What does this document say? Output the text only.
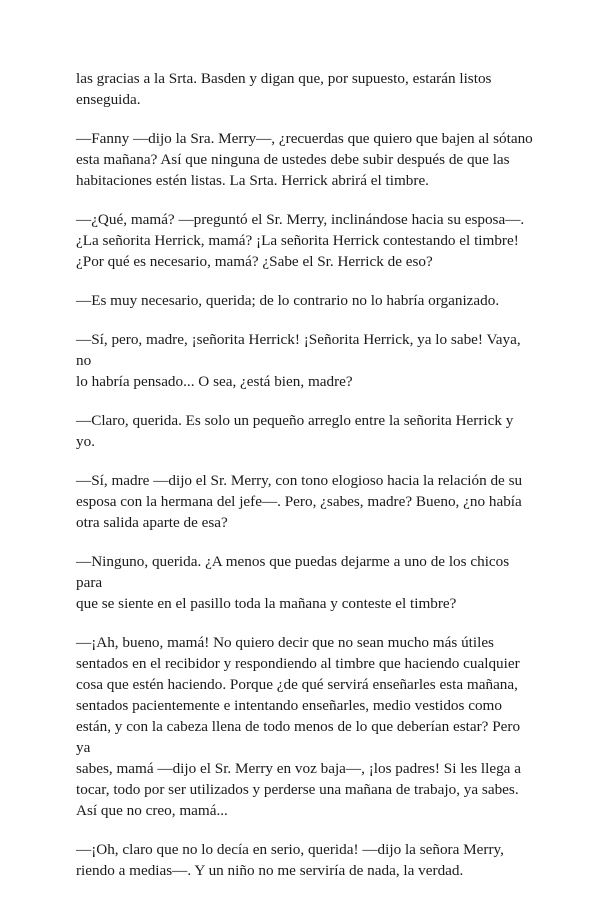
las gracias a la Srta. Basden y digan que, por supuesto, estarán listos
enseguida.

—Fanny —dijo la Sra. Merry—, ¿recuerdas que quiero que bajen al sótano
esta mañana? Así que ninguna de ustedes debe subir después de que las
habitaciones estén listas. La Srta. Herrick abrirá el timbre.

—¿Qué, mamá? —preguntó el Sr. Merry, inclinándose hacia su esposa—.
¿La señorita Herrick, mamá? ¡La señorita Herrick contestando el timbre!
¿Por qué es necesario, mamá? ¿Sabe el Sr. Herrick de eso?

—Es muy necesario, querida; de lo contrario no lo habría organizado.

—Sí, pero, madre, ¡señorita Herrick! ¡Señorita Herrick, ya lo sabe! Vaya, no
lo habría pensado... O sea, ¿está bien, madre?

—Claro, querida. Es solo un pequeño arreglo entre la señorita Herrick y yo.

—Sí, madre —dijo el Sr. Merry, con tono elogioso hacia la relación de su
esposa con la hermana del jefe—. Pero, ¿sabes, madre? Bueno, ¿no había
otra salida aparte de esa?

—Ninguno, querida. ¿A menos que puedas dejarme a uno de los chicos para
que se siente en el pasillo toda la mañana y conteste el timbre?

—¡Ah, bueno, mamá! No quiero decir que no sean mucho más útiles
sentados en el recibidor y respondiendo al timbre que haciendo cualquier
cosa que estén haciendo. Porque ¿de qué servirá enseñarles esta mañana,
sentados pacientemente e intentando enseñarles, medio vestidos como
están, y con la cabeza llena de todo menos de lo que deberían estar? Pero ya
sabes, mamá —dijo el Sr. Merry en voz baja—, ¡los padres! Si les llega a
tocar, todo por ser utilizados y perderse una mañana de trabajo, ya sabes.
Así que no creo, mamá...

—¡Oh, claro que no lo decía en serio, querida! —dijo la señora Merry,
riendo a medias—. Y un niño no me serviría de nada, la verdad.
